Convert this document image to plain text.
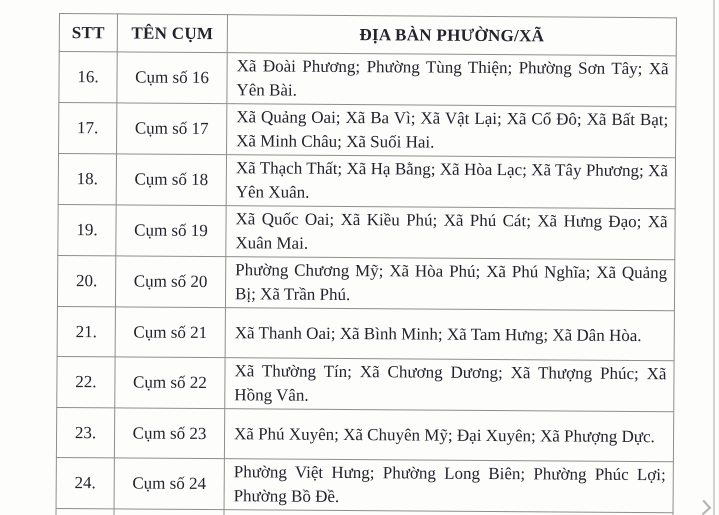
STT	TÊN CỤM	ĐỊA BÀN PHƯỜNG/XÃ
16.	Cụm số 16	Xã Đoài Phương; Phường Tùng Thiện; Phường Sơn Tây; Xã Yên Bài.
17.	Cụm số 17	Xã Quảng Oai; Xã Ba Vì; Xã Vật Lại; Xã Cổ Đô; Xã Bất Bạt; Xã Minh Châu; Xã Suối Hai.
18.	Cụm số 18	Xã Thạch Thất; Xã Hạ Bằng; Xã Hòa Lạc; Xã Tây Phương; Xã Yên Xuân.
19.	Cụm số 19	Xã Quốc Oai; Xã Kiều Phú; Xã Phú Cát; Xã Hưng Đạo; Xã Xuân Mai.
20.	Cụm số 20	Phường Chương Mỹ; Xã Hòa Phú; Xã Phú Nghĩa; Xã Quảng Bị; Xã Trần Phú.
21.	Cụm số 21	Xã Thanh Oai; Xã Bình Minh; Xã Tam Hưng; Xã Dân Hòa.
22.	Cụm số 22	Xã Thường Tín; Xã Chương Dương; Xã Thượng Phúc; Xã Hồng Vân.
23.	Cụm số 23	Xã Phú Xuyên; Xã Chuyên Mỹ; Đại Xuyên; Xã Phượng Dực.
24.	Cụm số 24	Phường Việt Hưng; Phường Long Biên; Phường Phúc Lợi; Phường Bồ Đề.
